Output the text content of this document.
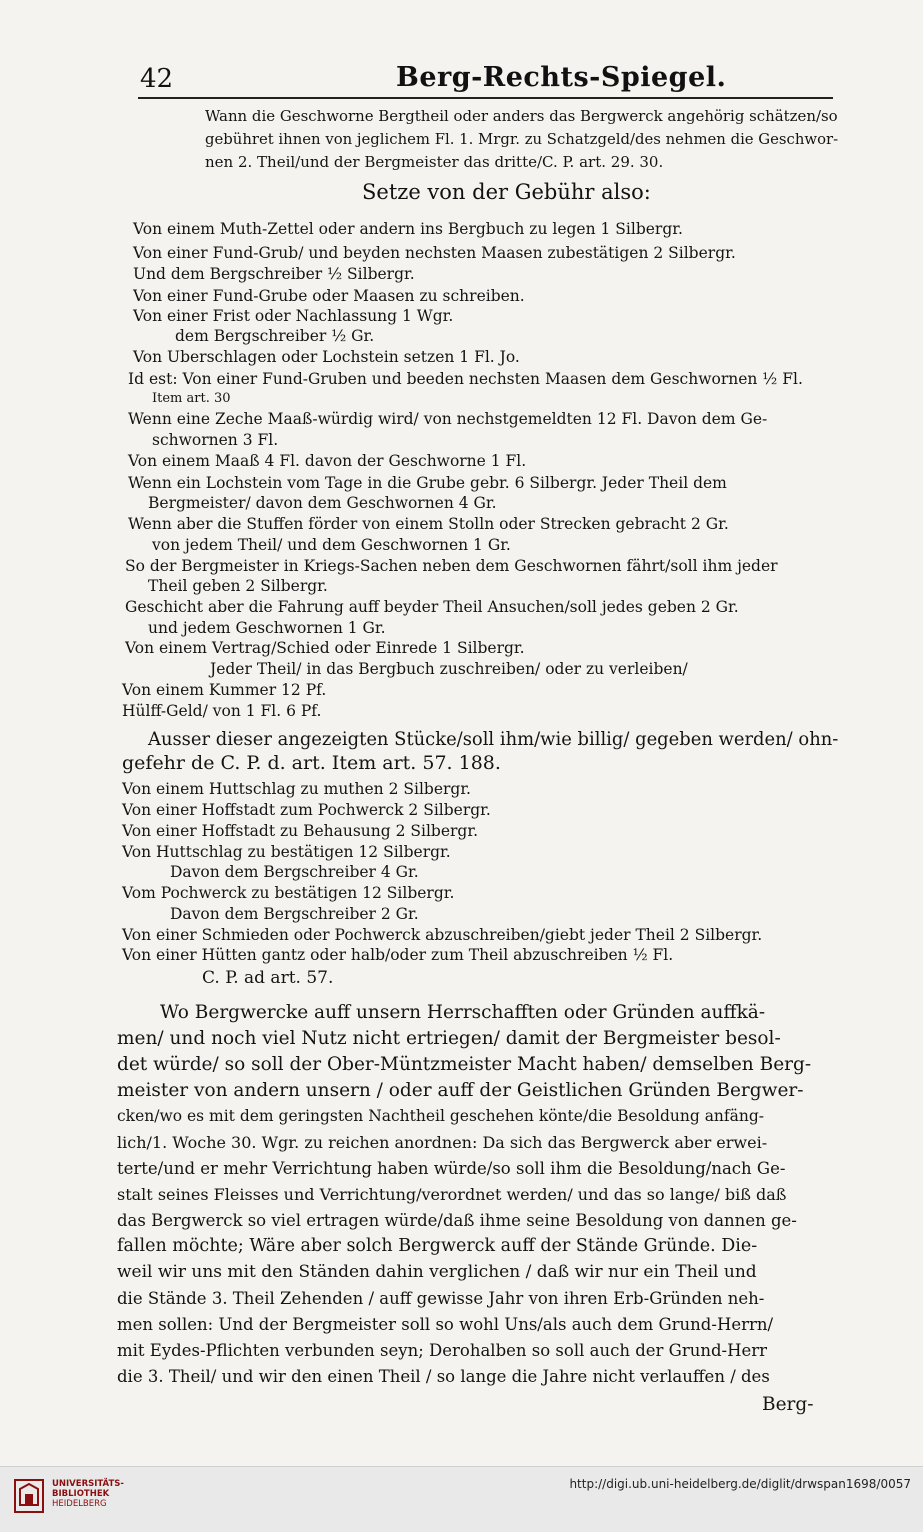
42	Berg-Rechts-Spiegel.
Wann die Geschworne Bergtheil oder anders das Bergwerck angehörig schätzen/so
gebühret ihnen von jeglichem Fl. 1. Mrgr. zu Schatzgeld/des nehmen die Geschwor-
nen 2. Theil/und der Bergmeister das dritte/C. P. art. 29. 30.
Setze von der Gebühr also:
Von einem Muth-Zettel oder andern ins Bergbuch zu legen 1 Silbergr.
Von einer Fund-Grub/ und beyden nechsten Maasen zubestätigen 2 Silbergr.
Und dem Bergschreiber ½ Silbergr.
Von einer Fund-Grube oder Maasen zu schreiben.
Von einer Frist oder Nachlassung 1 Wgr.
dem Bergschreiber ½ Gr.
Von Uberschlagen oder Lochstein setzen 1 Fl. Jo.
Id est: Von einer Fund-Gruben und beeden nechsten Maasen dem Geschwornen ½ Fl.
Item art. 30
Wenn eine Zeche Maaß-würdig wird/ von nechstgemeldten 12 Fl. Davon dem Ge-
schwornen 3 Fl.
Von einem Maaß 4 Fl. davon der Geschworne 1 Fl.
Wenn ein Lochstein vom Tage in die Grube gebr. 6 Silbergr. Jeder Theil dem
Bergmeister/ davon dem Geschwornen 4 Gr.
Wenn aber die Stuffen förder von einem Stolln oder Strecken gebracht 2 Gr.
von jedem Theil/ und dem Geschwornen 1 Gr.
So der Bergmeister in Kriegs-Sachen neben dem Geschwornen fährt/soll ihm jeder
Theil geben 2 Silbergr.
Geschicht aber die Fahrung auff beyder Theil Ansuchen/soll jedes geben 2 Gr.
und jedem Geschwornen 1 Gr.
Von einem Vertrag/Schied oder Einrede 1 Silbergr.
Jeder Theil/ in das Bergbuch zuschreiben/ oder zu verleiben/
Von einem Kummer 12 Pf.
Hülff-Geld/ von 1 Fl. 6 Pf.
Ausser dieser angezeigten Stücke/soll ihm/wie billig/ gegeben werden/ ohn-
gefehr de C. P. d. art. Item art. 57. 188.
Von einem Huttschlag zu muthen 2 Silbergr.
Von einer Hoffstadt zum Pochwerck 2 Silbergr.
Von einer Hoffstadt zu Behausung 2 Silbergr.
Von Huttschlag zu bestätigen 12 Silbergr.
Davon dem Bergschreiber 4 Gr.
Vom Pochwerck zu bestätigen 12 Silbergr.
Davon dem Bergschreiber 2 Gr.
Von einer Schmieden oder Pochwerck abzuschreiben/giebt jeder Theil 2 Silbergr.
Von einer Hütten gantz oder halb/oder zum Theil abzuschreiben ½ Fl.
C. P. ad art. 57.
Wo Bergwercke auff unsern Herrschafften oder Gründen auffkä-
men/ und noch viel Nutz nicht ertriegen/ damit der Bergmeister besol-
det würde/ so soll der Ober-Müntzmeister Macht haben/ demselben Berg-
meister von andern unsern / oder auff der Geistlichen Gründen Bergwer-
cken/wo es mit dem geringsten Nachtheil geschehen könte/die Besoldung anfäng-
lich/1. Woche 30. Wgr. zu reichen anordnen: Da sich das Bergwerck aber erwei-
terte/und er mehr Verrichtung haben würde/so soll ihm die Besoldung/nach Ge-
stalt seines Fleisses und Verrichtung/verordnet werden/ und das so lange/ biß daß
das Bergwerck so viel ertragen würde/daß ihme seine Besoldung von dannen ge-
fallen möchte; Wäre aber solch Bergwerck auff der Stände Gründe. Die-
weil wir uns mit den Ständen dahin verglichen / daß wir nur ein Theil und
die Stände 3. Theil Zehenden / auff gewisse Jahr von ihren Erb-Gründen neh-
men sollen: Und der Bergmeister soll so wohl Uns/als auch dem Grund-Herrn/
mit Eydes-Pflichten verbunden seyn; Derohalben so soll auch der Grund-Herr
die 3. Theil/ und wir den einen Theil / so lange die Jahre nicht verlauffen / des
Berg-
UNIVERSITÄTS-
BIBLIOTHEK
HEIDELBERG
http://digi.ub.uni-heidelberg.de/diglit/drwspan1698/0057
